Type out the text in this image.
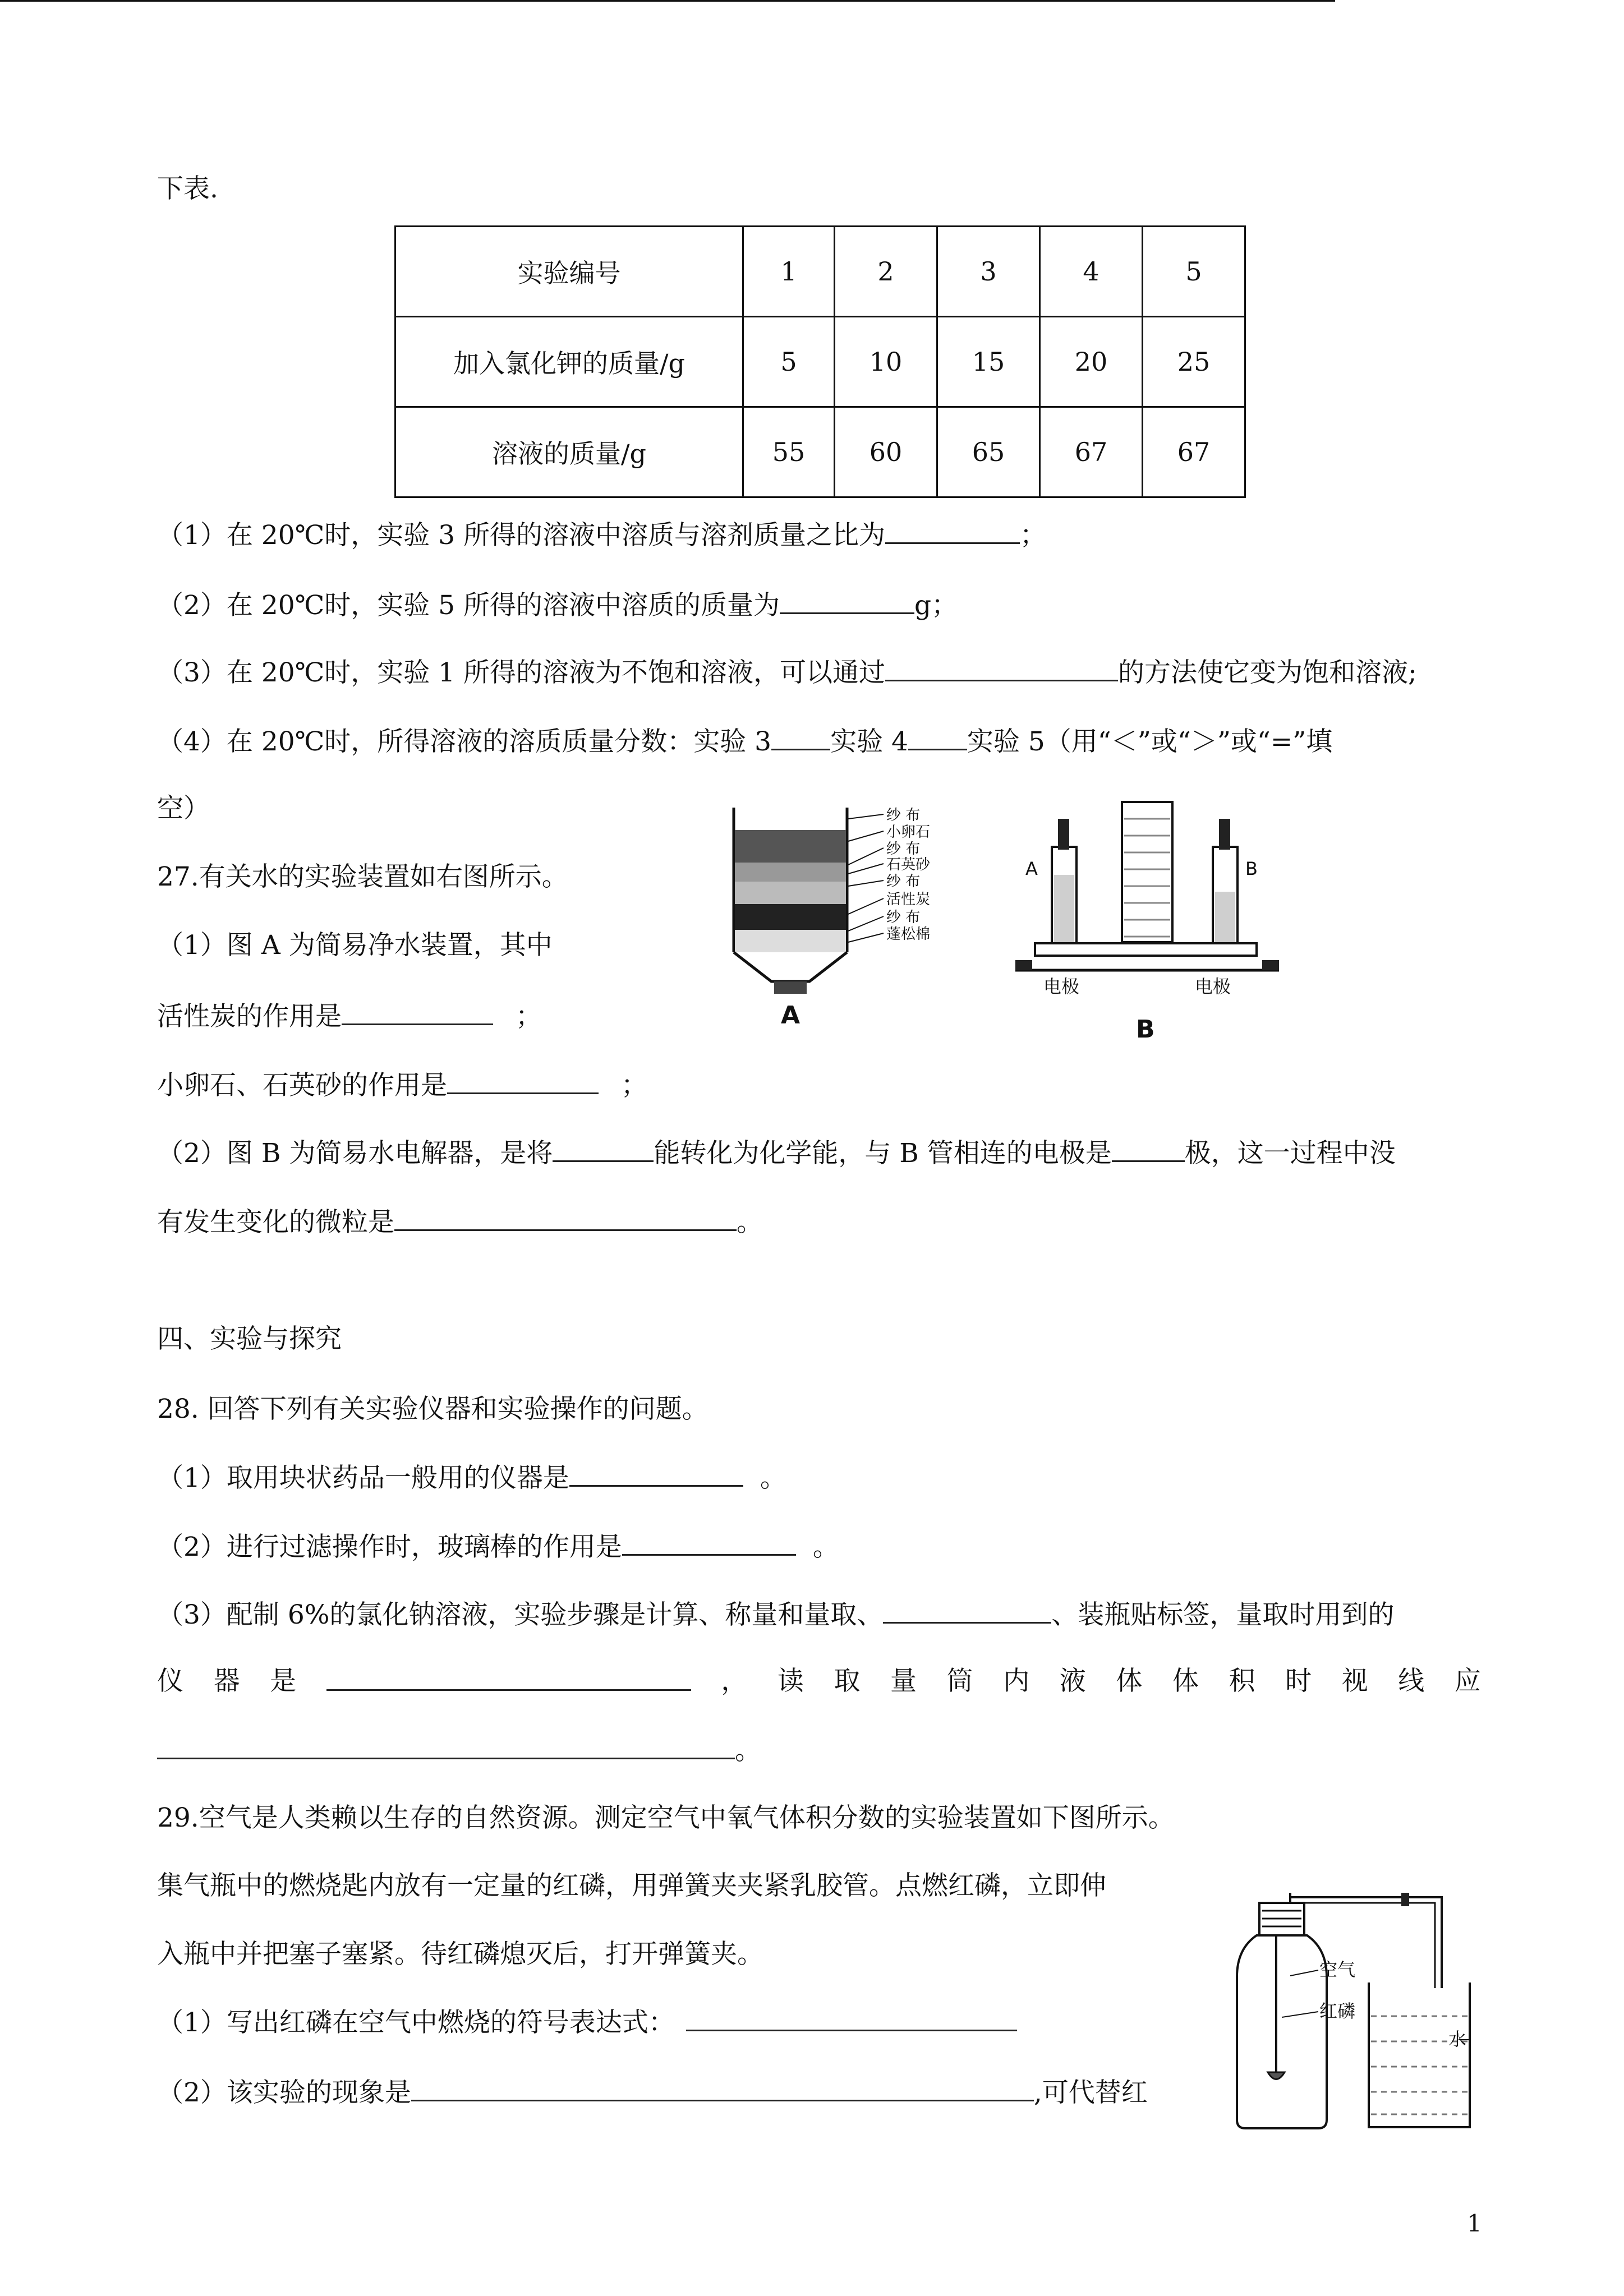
下表.
实验编号	1	2	3	4	5
加入氯化钾的质量/g	5	10	15	20	25
溶液的质量/g	55	60	65	67	67
（1）在 20℃时，实验 3 所得的溶液中溶质与溶剂质量之比为	；
（2）在 20℃时，实验 5 所得的溶液中溶质的质量为	g；
（3）在 20℃时，实验 1 所得的溶液为不饱和溶液，可以通过	的方法使它变为饱和溶液;
（4）在 20℃时，所得溶液的溶质质量分数：实验 3 实验 4 实验 5（用“＜”或“＞”或“=”填
空）
27.有关水的实验装置如右图所示。
（1）图 A 为简易净水装置，其中
活性炭的作用是	；
小卵石、石英砂的作用是	；
（2）图 B 为简易水电解器，是将	能转化为化学能，与 B 管相连的电极是	极，这一过程中没
有发生变化的微粒是	。
纱 布
小卵石
纱 布
石英砂
纱 布
活性炭
纱 布
蓬松棉
A
A	B
电极	电极
B
四、实验与探究
28. 回答下列有关实验仪器和实验操作的问题。
（1）取用块状药品一般用的仪器是	。
（2）进行过滤操作时，玻璃棒的作用是	。
（3）配制 6%的氯化钠溶液，实验步骤是计算、称量和量取、	、装瓶贴标签，量取时用到的
仪 器 是	， 读 取 量 筒 内 液 体 体 积 时 视 线 应
。
29.空气是人类赖以生存的自然资源。测定空气中氧气体积分数的实验装置如下图所示。
集气瓶中的燃烧匙内放有一定量的红磷，用弹簧夹夹紧乳胶管。点燃红磷，立即伸
入瓶中并把塞子塞紧。待红磷熄灭后，打开弹簧夹。
（1）写出红磷在空气中燃烧的符号表达式：
（2）该实验的现象是	,可代替红
空气
红磷
水
1
